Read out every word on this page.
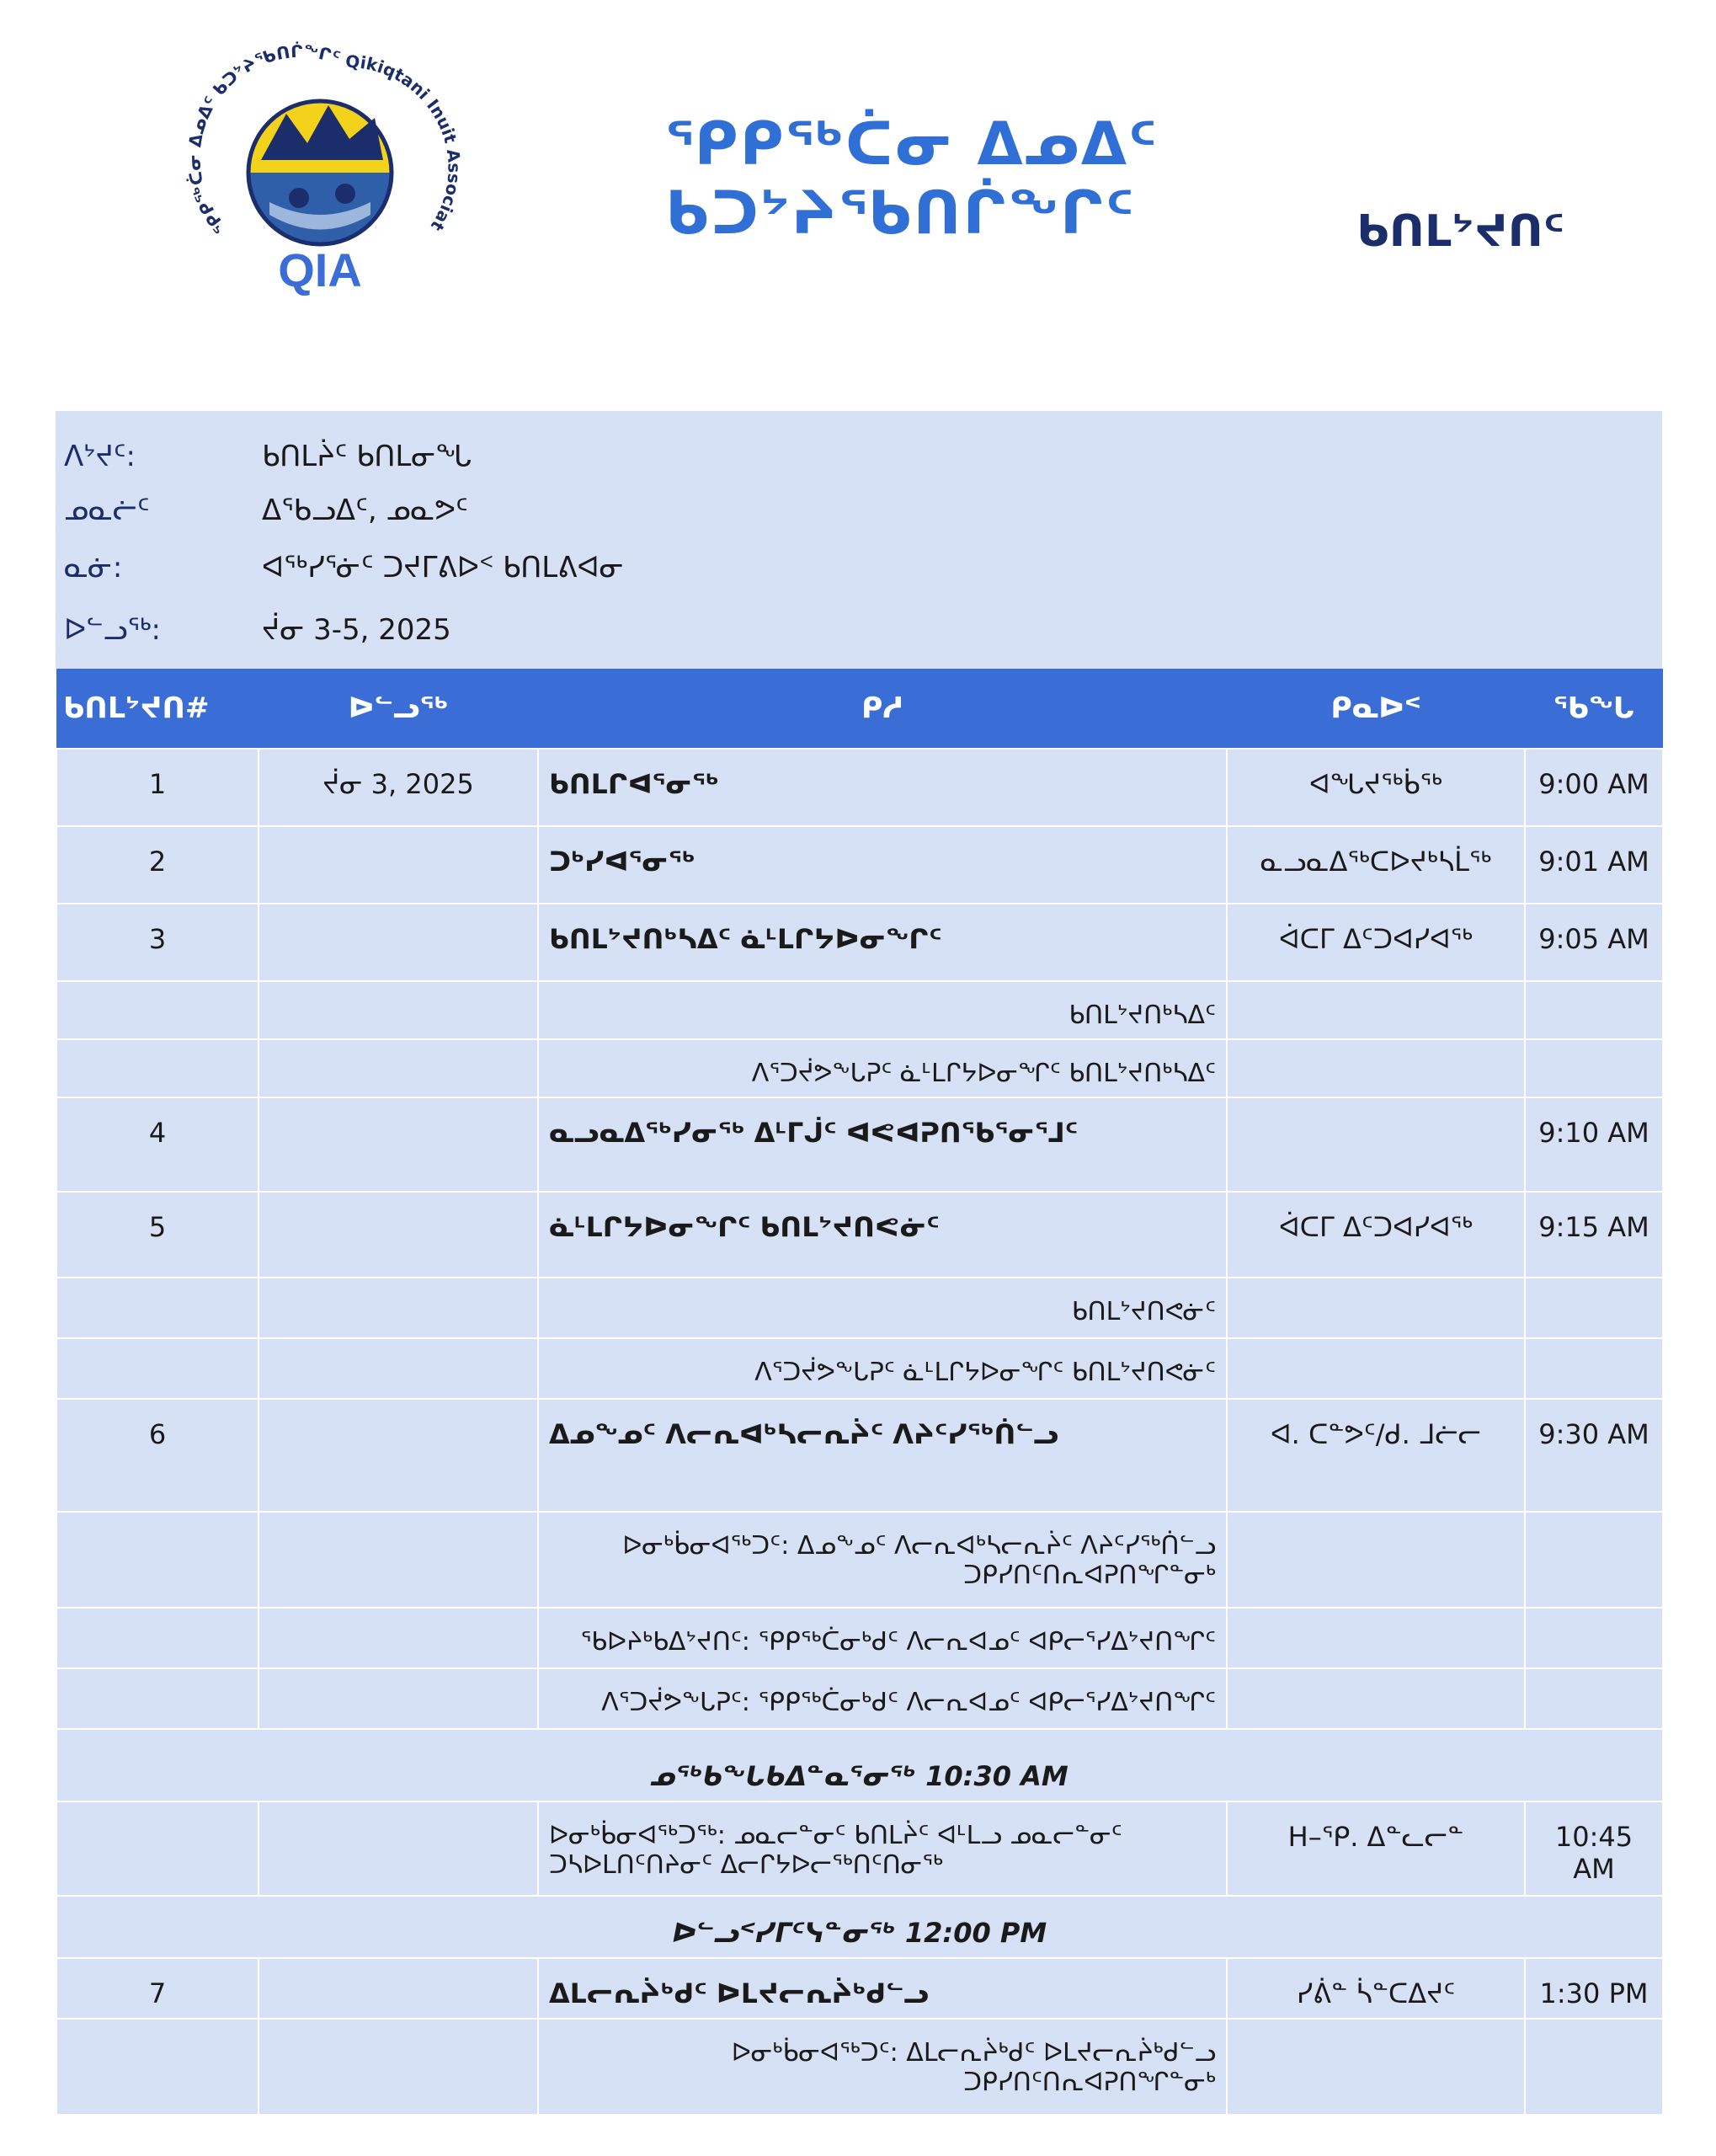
ᕿᑭᖅᑖᓂ ᐃᓄᐃᑦ ᑲᑐᔾᔨᖃᑎᒌᖕᒋᑦ Qikiqtani Inuit Associat
QIA
ᕿᑭᖅᑖᓂ ᐃᓄᐃᑦ ᑲᑐᔾᔨᖃᑎᒌᖕᒋᑦ	ᑲᑎᒪᔾᔪᑎᑦ
ᐱᔾᔪᑦ:	ᑲᑎᒪᔩᑦ ᑲᑎᒪᓂᖓ
ᓄᓇᓖᑦ	ᐃᖃᓗᐃᑦ, ᓄᓇᕗᑦ
ᓇᓃ:	ᐊᖅᓯᕐᓃᑦ ᑐᔪᒥᕕᐅᑉ ᑲᑎᒪᕕᐊᓂ
ᐅᓪᓗᖅ:	ᔫᓂ 3-5, 2025
ᑲᑎᒪᔾᔪᑎ#	ᐅᓪᓗᖅ	ᑭᓱ	ᑭᓇᐅᑉ	ᖃᖓ
1	ᔫᓂ 3, 2025	ᑲᑎᒪᒋᐊᕐᓂᖅ	ᐊᖓᔪᖅᑳᖅ	9:00 AM
2		ᑐᒃᓯᐊᕐᓂᖅ	ᓇᓗᓇᐃᖅᑕᐅᔪᒃᓴᒫᖅ	9:01 AM
3		ᑲᑎᒪᔾᔪᑎᒃᓴᐃᑦ ᓈᒻᒪᒋᔭᐅᓂᖏᑦ	ᐋᑕᒥ ᐃᑦᑐᐊᓯᐊᖅ	9:05 AM
		ᑲᑎᒪᔾᔪᑎᒃᓴᐃᑦ		
		ᐱᕐᑐᔫᕗᖕᒐᕈᑦ ᓈᒻᒪᒋᔭᐅᓂᖏᑦ ᑲᑎᒪᔾᔪᑎᒃᓴᐃᑦ		
4		ᓇᓗᓇᐃᖅᓯᓂᖅ ᐃᒻᒥᒎᑦ ᐊᕙᐊᕈᑎᖃᕐᓂᕐᒧᑦ		9:10 AM
5		ᓈᒻᒪᒋᔭᐅᓂᖏᑦ ᑲᑎᒪᔾᔪᑎᕙᓃᑦ	ᐋᑕᒥ ᐃᑦᑐᐊᓯᐊᖅ	9:15 AM
		ᑲᑎᒪᔾᔪᑎᕙᓃᑦ		
		ᐱᕐᑐᔫᕗᖕᒐᕈᑦ ᓈᒻᒪᒋᔭᐅᓂᖏᑦ ᑲᑎᒪᔾᔪᑎᕙᓃᑦ		
6		ᐃᓄᖕᓄᑦ ᐱᓕᕆᐊᒃᓴᓕᕆᔩᑦ ᐱᔨᑦᓯᖅᑏᓪᓗ	ᐊ. ᑕᓐᕗᑦ/ᑯ. ᒧᓖᓕ	9:30 AM
		ᐅᓂᒃᑳᓂᐊᖅᑐᑦ: ᐃᓄᖕᓄᑦ ᐱᓕᕆᐊᒃᓴᓕᕆᔩᑦ ᐱᔨᑦᓯᖅᑏᓪᓗ ᑐᑭᓯᑎᑦᑎᕆᐊᕈᑎᖏᓐᓂᒃ		
		ᖃᐅᔨᒃᑲᐃᔾᔪᑎᑦ: ᕿᑭᖅᑖᓂᒃᑯᑦ ᐱᓕᕆᐊᓄᑦ ᐊᑭᓕᕐᓯᐃᔾᔪᑎᖏᑦ		
		ᐱᕐᑐᔫᕗᖕᒐᕈᑦ: ᕿᑭᖅᑖᓂᒃᑯᑦ ᐱᓕᕆᐊᓄᑦ ᐊᑭᓕᕐᓯᐃᔾᔪᑎᖏᑦ		
ᓄᖅᑲᖓᑲᐃᓐᓇᕐᓂᖅ 10:30 AM				
		ᐅᓂᒃᑳᓂᐊᖅᑐᖅ: ᓄᓇᓕᓐᓂᑦ ᑲᑎᒪᔩᑦ ᐊᒻᒪᓗ ᓄᓇᓕᓐᓂᑦ ᑐᓴᐅᒪᑎᑦᑎᔨᓂᑦ ᐃᓕᒋᔭᐅᓕᖅᑎᑦᑎᓂᖅ	ᕼ–ᕿ. ᐃᓐᓚᓕᓐ	10:45 AM
ᐅᓪᓗᑉᓯᒥᑦᓭᓐᓂᖅ 12:00 PM				
7		ᐃᒪᓕᕆᔩᒃᑯᑦ ᐅᒪᔪᓕᕆᔩᒃᑯᓪᓗ	ᓯᕖᓐ ᓵᓐᑕᐃᔪᑦ	1:30 PM
		ᐅᓂᒃᑳᓂᐊᖅᑐᑦ: ᐃᒪᓕᕆᔩᒃᑯᑦ ᐅᒪᔪᓕᕆᔩᒃᑯᓪᓗ ᑐᑭᓯᑎᑦᑎᕆᐊᕈᑎᖏᓐᓂᒃ		
